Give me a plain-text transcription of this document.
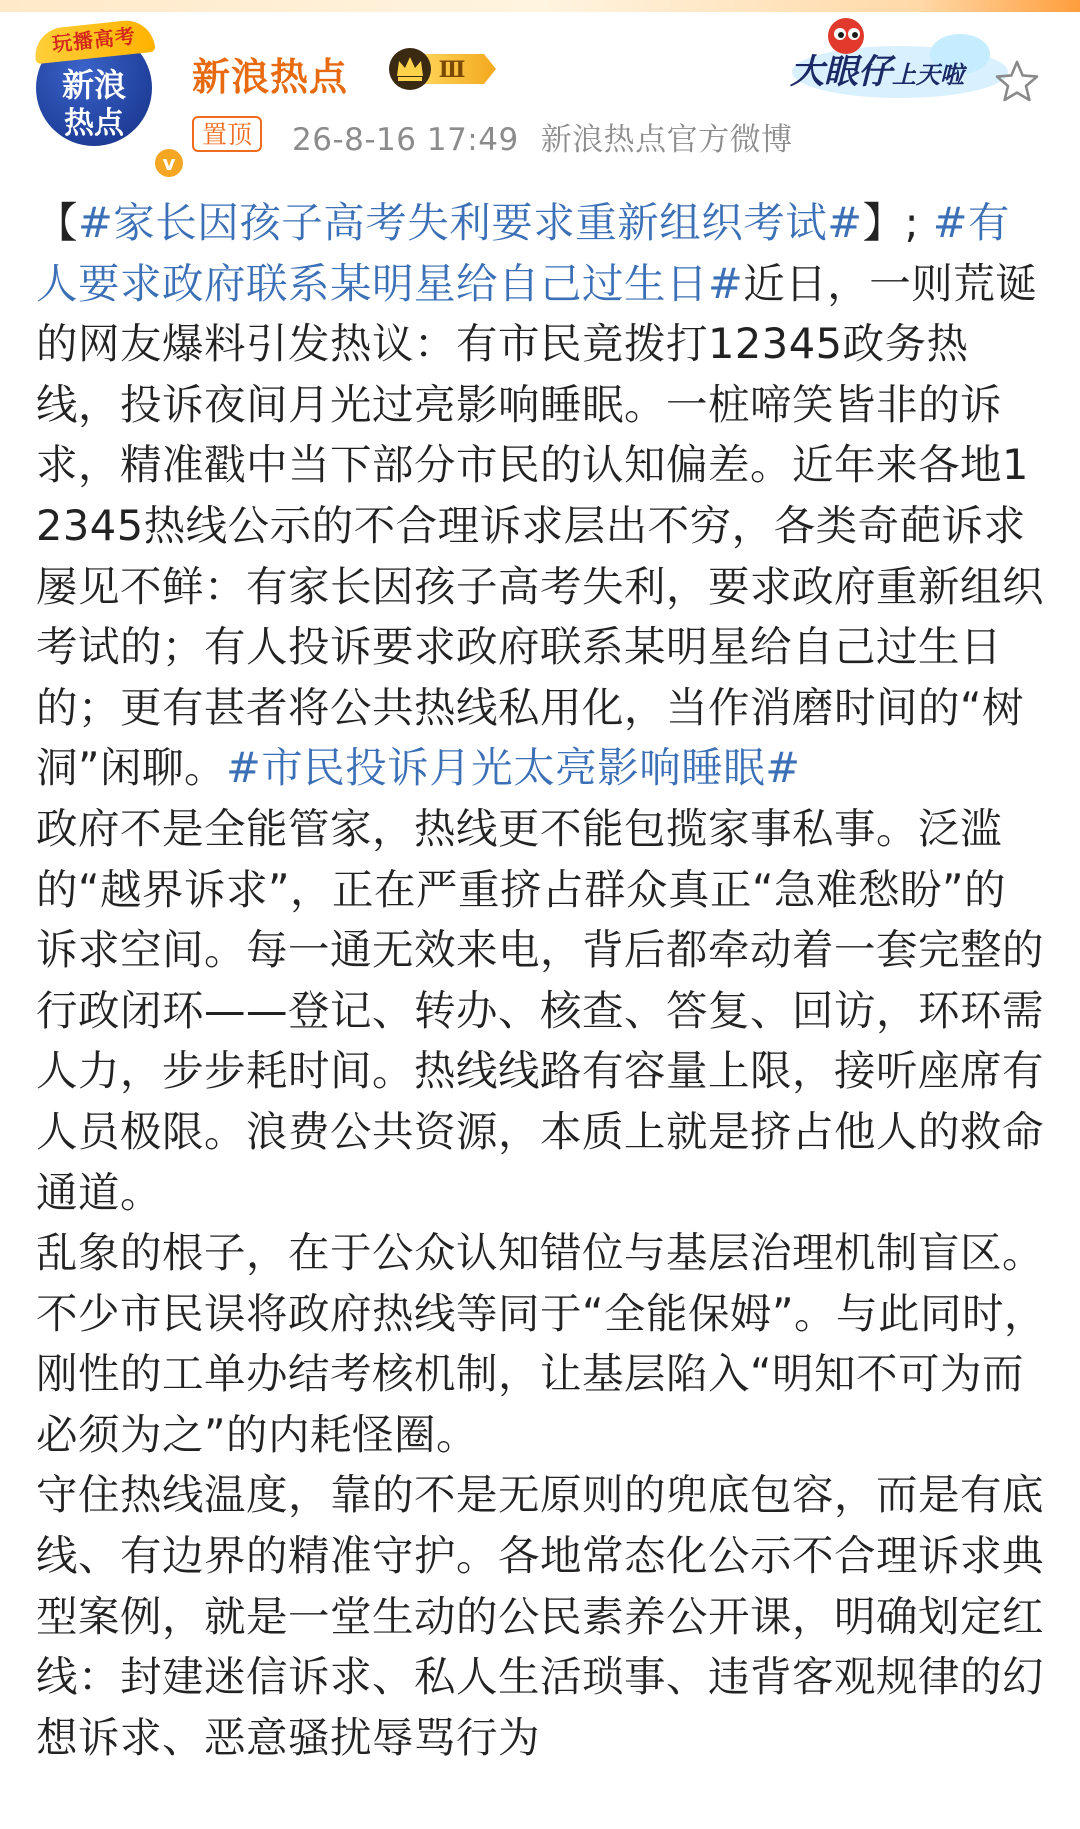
玩播高考
新浪
热点
v
新浪热点	Ⅲ
置顶	26-8-16 17:49 新浪热点官方微博
大眼仔上天啦

【#家长因孩子高考失利要求重新组织考试#】; #有人要求政府联系某明星给自己过生日#近日，一则荒诞的网友爆料引发热议：有市民竟拨打12345政务热线，投诉夜间月光过亮影响睡眠。一桩啼笑皆非的诉求，精准戳中当下部分市民的认知偏差。近年来各地12345热线公示的不合理诉求层出不穷，各类奇葩诉求屡见不鲜：有家长因孩子高考失利，要求政府重新组织考试的；有人投诉要求政府联系某明星给自己过生日的；更有甚者将公共热线私用化，当作消磨时间的“树洞”闲聊。#市民投诉月光太亮影响睡眠#

政府不是全能管家，热线更不能包揽家事私事。泛滥的“越界诉求”，正在严重挤占群众真正“急难愁盼”的诉求空间。每一通无效来电，背后都牵动着一套完整的行政闭环——登记、转办、核查、答复、回访，环环需人力，步步耗时间。热线线路有容量上限，接听座席有人员极限。浪费公共资源，本质上就是挤占他人的救命通道。

乱象的根子，在于公众认知错位与基层治理机制盲区。不少市民误将政府热线等同于“全能保姆”。与此同时，刚性的工单办结考核机制，让基层陷入“明知不可为而必须为之”的内耗怪圈。

守住热线温度，靠的不是无原则的兜底包容，而是有底线、有边界的精准守护。各地常态化公示不合理诉求典型案例，就是一堂生动的公民素养公开课，明确划定红线：封建迷信诉求、私人生活琐事、违背客观规律的幻想诉求、恶意骚扰辱骂行为
